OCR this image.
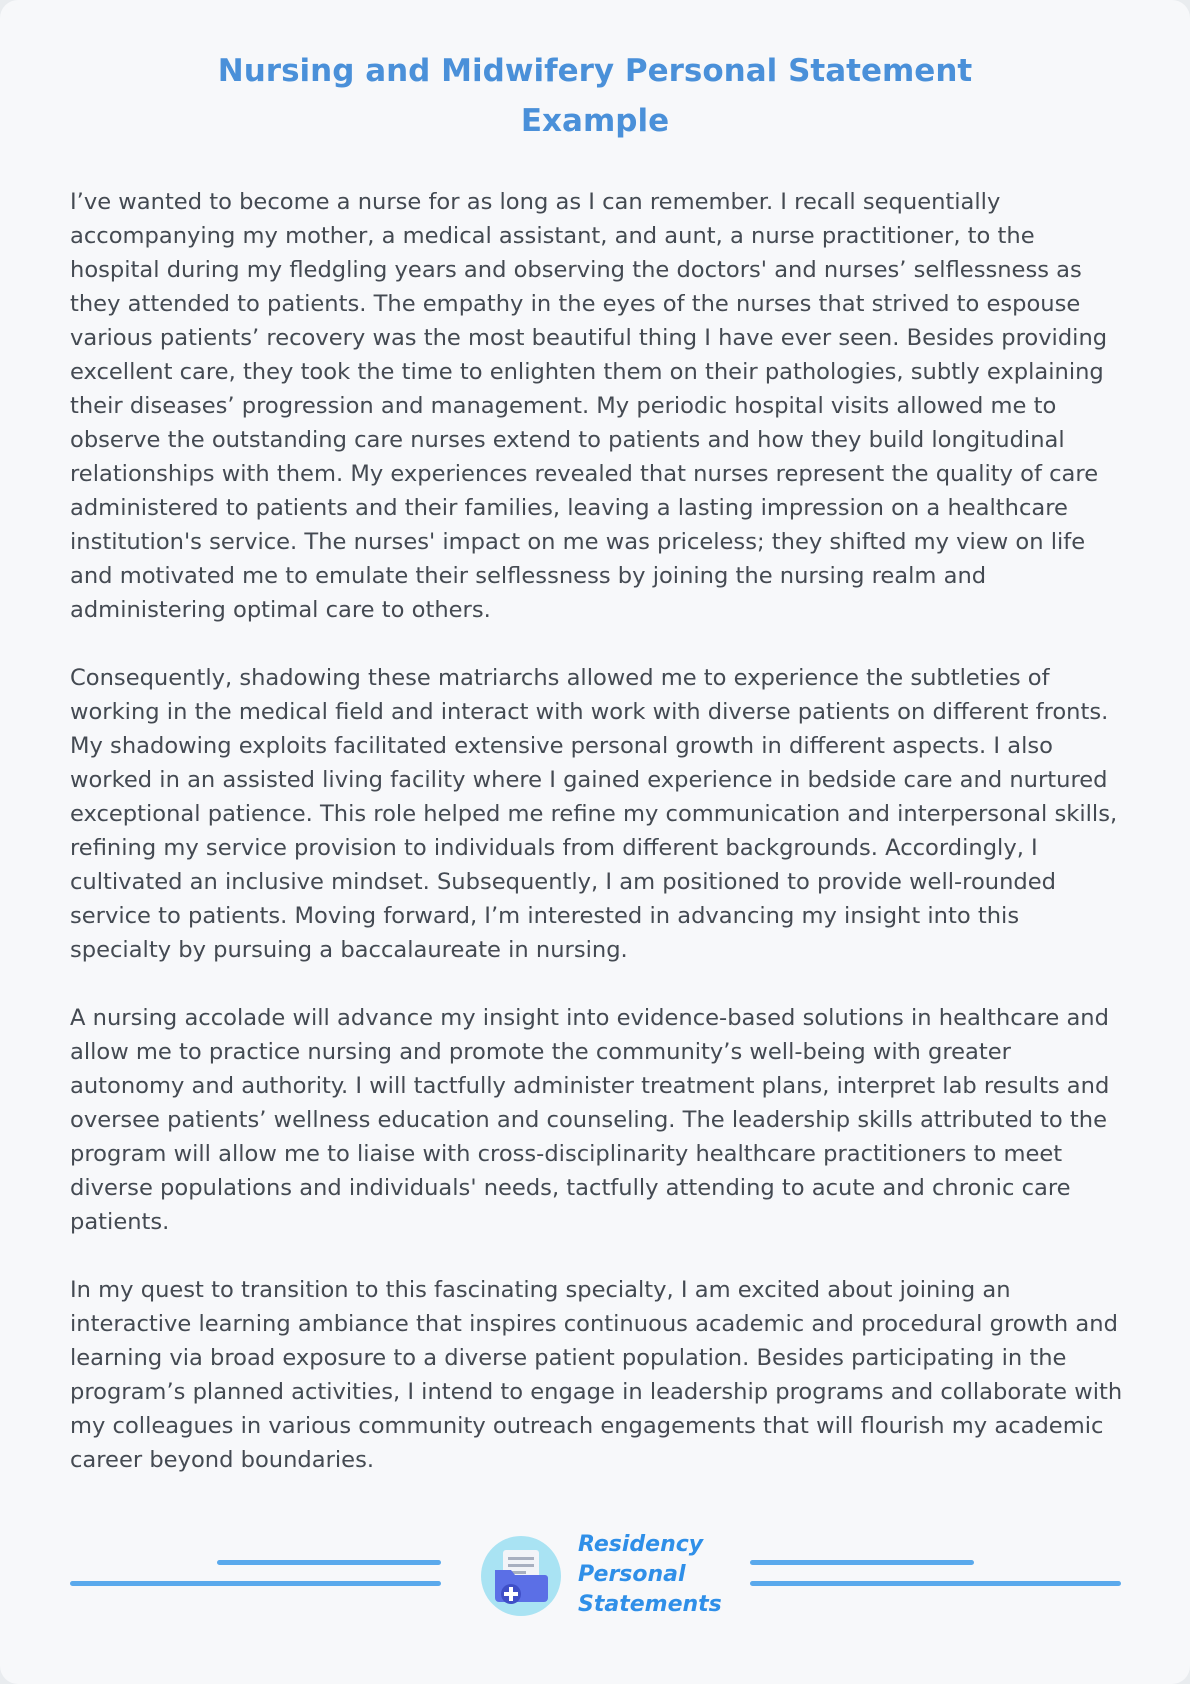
Nursing and Midwifery Personal Statement
Example

I’ve wanted to become a nurse for as long as I can remember. I recall sequentially accompanying my mother, a medical assistant, and aunt, a nurse practitioner, to the hospital during my fledgling years and observing the doctors' and nurses’ selflessness as they attended to patients. The empathy in the eyes of the nurses that strived to espouse various patients’ recovery was the most beautiful thing I have ever seen. Besides providing excellent care, they took the time to enlighten them on their pathologies, subtly explaining their diseases’ progression and management. My periodic hospital visits allowed me to observe the outstanding care nurses extend to patients and how they build longitudinal relationships with them. My experiences revealed that nurses represent the quality of care administered to patients and their families, leaving a lasting impression on a healthcare institution's service. The nurses' impact on me was priceless; they shifted my view on life and motivated me to emulate their selflessness by joining the nursing realm and administering optimal care to others.

Consequently, shadowing these matriarchs allowed me to experience the subtleties of working in the medical field and interact with work with diverse patients on different fronts. My shadowing exploits facilitated extensive personal growth in different aspects. I also worked in an assisted living facility where I gained experience in bedside care and nurtured exceptional patience. This role helped me refine my communication and interpersonal skills, refining my service provision to individuals from different backgrounds. Accordingly, I cultivated an inclusive mindset. Subsequently, I am positioned to provide well-rounded service to patients. Moving forward, I’m interested in advancing my insight into this specialty by pursuing a baccalaureate in nursing.

A nursing accolade will advance my insight into evidence-based solutions in healthcare and allow me to practice nursing and promote the community’s well-being with greater autonomy and authority. I will tactfully administer treatment plans, interpret lab results and oversee patients’ wellness education and counseling. The leadership skills attributed to the program will allow me to liaise with cross-disciplinarity healthcare practitioners to meet diverse populations and individuals' needs, tactfully attending to acute and chronic care patients.

In my quest to transition to this fascinating specialty, I am excited about joining an interactive learning ambiance that inspires continuous academic and procedural growth and learning via broad exposure to a diverse patient population. Besides participating in the program’s planned activities, I intend to engage in leadership programs and collaborate with my colleagues in various community outreach engagements that will flourish my academic career beyond boundaries.

Residency
Personal
Statements
